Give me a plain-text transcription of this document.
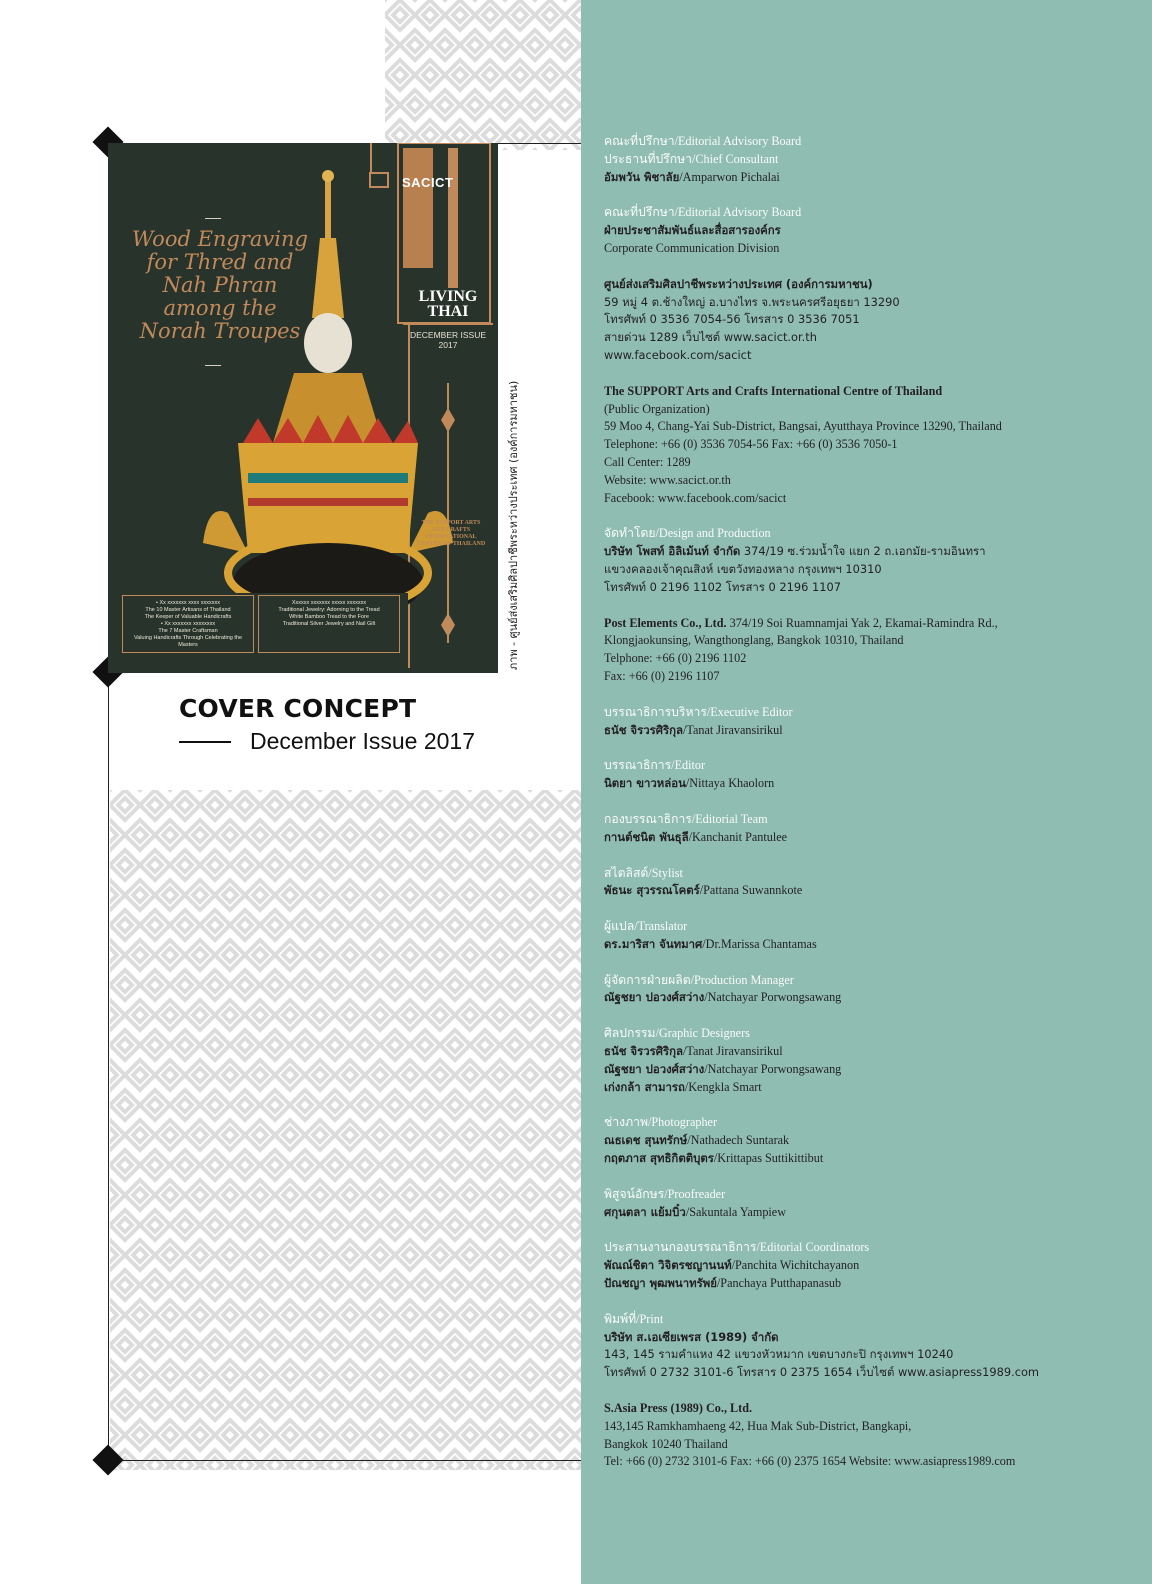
Wood Engraving
for Thred and
Nah Phran
among the
Norah Troupes
SACICT
LIVING THAI
DECEMBER ISSUE 2017
THE SUPPORT ARTS AND CRAFTS INTERNATIONAL CENTRE OF THAILAND
• Xx xxxxxxx xxxx xxxxxxx
The 10 Master Artisans of Thailand
The Keeper of Valuable Handicrafts
• Xx xxxxxxx xxxxxxxx
The 7 Master Craftsman
Valuing Handicrafts Through Celebrating the Masters
Xxxxxx xxxxxxx xxxxx xxxxxxx
Traditional Jewelry: Adorning to the Tread
White Bamboo Tread to the Fore
Traditional Silver Jewelry and Nail Gilt	ภาพ - ศูนย์ส่งเสริมศิลปาชีพระหว่างประเทศ (องค์การมหาชน)
COVER CONCEPT
December Issue 2017
คณะที่ปรึกษา/Editorial Advisory Board
ประธานที่ปรึกษา/Chief Consultant
อัมพวัน พิชาลัย/Amparwon Pichalai
คณะที่ปรึกษา/Editorial Advisory Board
ฝ่ายประชาสัมพันธ์และสื่อสารองค์กร
Corporate Communication Division
ศูนย์ส่งเสริมศิลปาชีพระหว่างประเทศ (องค์การมหาชน)
59 หมู่ 4 ต.ช้างใหญ่ อ.บางไทร จ.พระนครศรีอยุธยา 13290
โทรศัพท์ 0 3536 7054-56 โทรสาร 0 3536 7051
สายด่วน 1289 เว็บไซต์ www.sacict.or.th
www.facebook.com/sacict
The SUPPORT Arts and Crafts International Centre of Thailand
(Public Organization)
59 Moo 4, Chang-Yai Sub-District, Bangsai, Ayutthaya Province 13290, Thailand
Telephone: +66 (0) 3536 7054-56 Fax: +66 (0) 3536 7050-1
Call Center: 1289
Website: www.sacict.or.th
Facebook: www.facebook.com/sacict
จัดทำโดย/Design and Production
บริษัท โพสท์ อิลิเม้นท์ จำกัด 374/19 ซ.ร่วมน้ำใจ แยก 2 ถ.เอกมัย-รามอินทรา
แขวงคลองเจ้าคุณสิงห์ เขตวังทองหลาง กรุงเทพฯ 10310
โทรศัพท์ 0 2196 1102 โทรสาร 0 2196 1107
Post Elements Co., Ltd. 374/19 Soi Ruamnamjai Yak 2, Ekamai-Ramindra Rd.,
Klongjaokunsing, Wangthonglang, Bangkok 10310, Thailand
Telphone: +66 (0) 2196 1102
Fax: +66 (0) 2196 1107
บรรณาธิการบริหาร/Executive Editor
ธนัช จิรวรศิริกุล/Tanat Jiravansirikul
บรรณาธิการ/Editor
นิตยา ขาวหล่อน/Nittaya Khaolorn
กองบรรณาธิการ/Editorial Team
กานต์ชนิต พันธุลี/Kanchanit Pantulee
สไตลิสต์/Stylist
พัธนะ สุวรรณโคตร์/Pattana Suwannkote
ผู้แปล/Translator
ดร.มาริสา จันทมาศ/Dr.Marissa Chantamas
ผู้จัดการฝ่ายผลิต/Production Manager
ณัฐชยา ปอวงศ์สว่าง/Natchayar Porwongsawang
ศิลปกรรม/Graphic Designers
ธนัช จิรวรศิริกุล/Tanat Jiravansirikul
ณัฐชยา ปอวงศ์สว่าง/Natchayar Porwongsawang
เก่งกล้า สามารถ/Kengkla Smart
ช่างภาพ/Photographer
ณธเดช สุนทรักษ์/Nathadech Suntarak
กฤตภาส สุทธิกิตติบุตร/Krittapas Suttikittibut
พิสูจน์อักษร/Proofreader
ศกุนตลา แย้มบิ๋ว/Sakuntala Yampiew
ประสานงานกองบรรณาธิการ/Editorial Coordinators
พัณณ์ชิตา วิจิตรชญานนท์/Panchita Wichitchayanon
ปัณชญา พุฒพนาทรัพย์/Panchaya Putthapanasub
พิมพ์ที่/Print
บริษัท ส.เอเซียเพรส (1989) จำกัด
143, 145 รามคำแหง 42 แขวงหัวหมาก เขตบางกะปิ กรุงเทพฯ 10240
โทรศัพท์ 0 2732 3101-6 โทรสาร 0 2375 1654 เว็บไซต์ www.asiapress1989.com
S.Asia Press (1989) Co., Ltd.
143,145 Ramkhamhaeng 42, Hua Mak Sub-District, Bangkapi,
Bangkok 10240 Thailand
Tel: +66 (0) 2732 3101-6 Fax: +66 (0) 2375 1654 Website: www.asiapress1989.com
